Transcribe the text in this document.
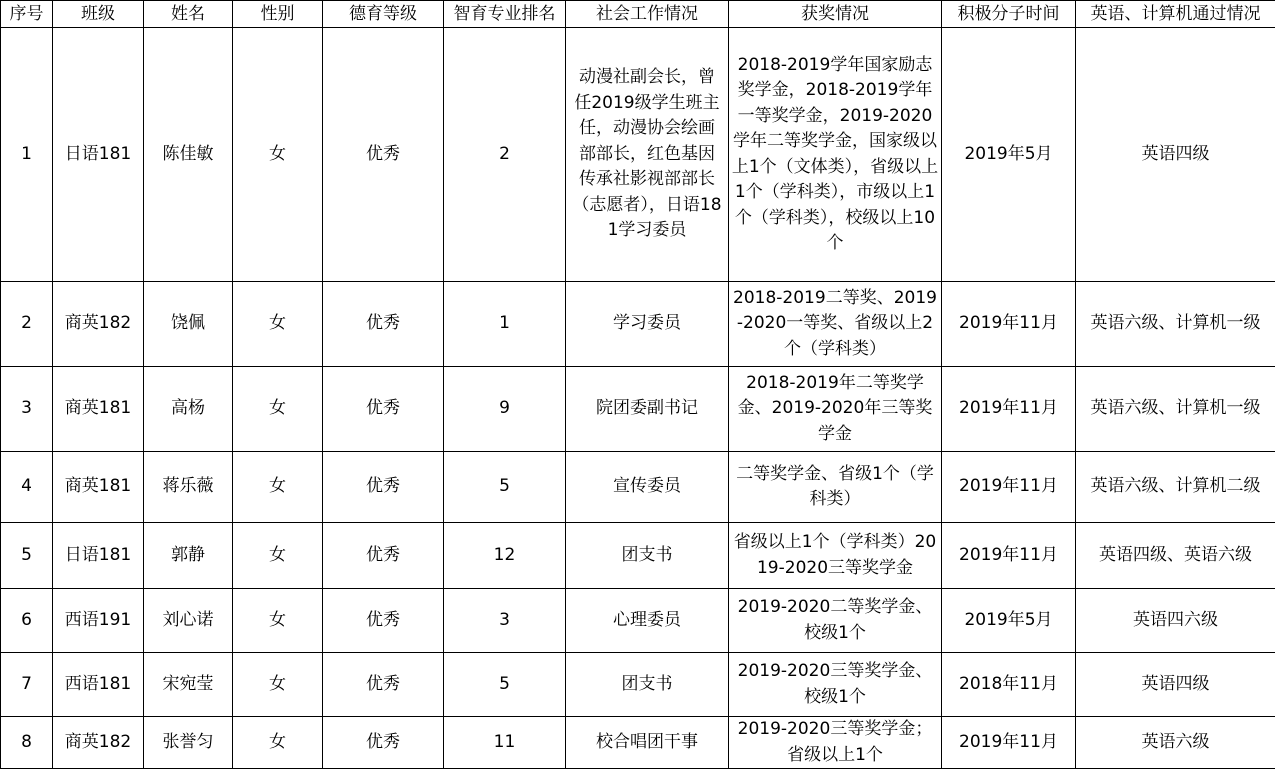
序号	班级	姓名	性别	德育等级	智育专业排名	社会工作情况	获奖情况	积极分子时间	英语、计算机通过情况
1	日语181	陈佳敏	女	优秀	2	动漫社副会长，曾任2019级学生班主任，动漫协会绘画部部长，红色基因传承社影视部部长（志愿者），日语181学习委员	2018-2019学年国家励志奖学金，2018-2019学年一等奖学金，2019-2020学年二等奖学金，国家级以上1个（文体类），省级以上1个（学科类），市级以上1个（学科类），校级以上10个	2019年5月	英语四级
2	商英182	饶佩	女	优秀	1	学习委员	2018-2019二等奖、2019-2020一等奖、省级以上2个（学科类）	2019年11月	英语六级、计算机一级
3	商英181	高杨	女	优秀	9	院团委副书记	2018-2019年二等奖学金、2019-2020年三等奖学金	2019年11月	英语六级、计算机一级
4	商英181	蒋乐薇	女	优秀	5	宣传委员	二等奖学金、省级1个（学科类）	2019年11月	英语六级、计算机二级
5	日语181	郭静	女	优秀	12	团支书	省级以上1个（学科类）2019-2020三等奖学金	2019年11月	英语四级、英语六级
6	西语191	刘心诺	女	优秀	3	心理委员	2019-2020二等奖学金、校级1个	2019年5月	英语四六级
7	西语181	宋宛莹	女	优秀	5	团支书	2019-2020三等奖学金、校级1个	2018年11月	英语四级
8	商英182	张誉匀	女	优秀	11	校合唱团干事	2019-2020三等奖学金；省级以上1个	2019年11月	英语六级
